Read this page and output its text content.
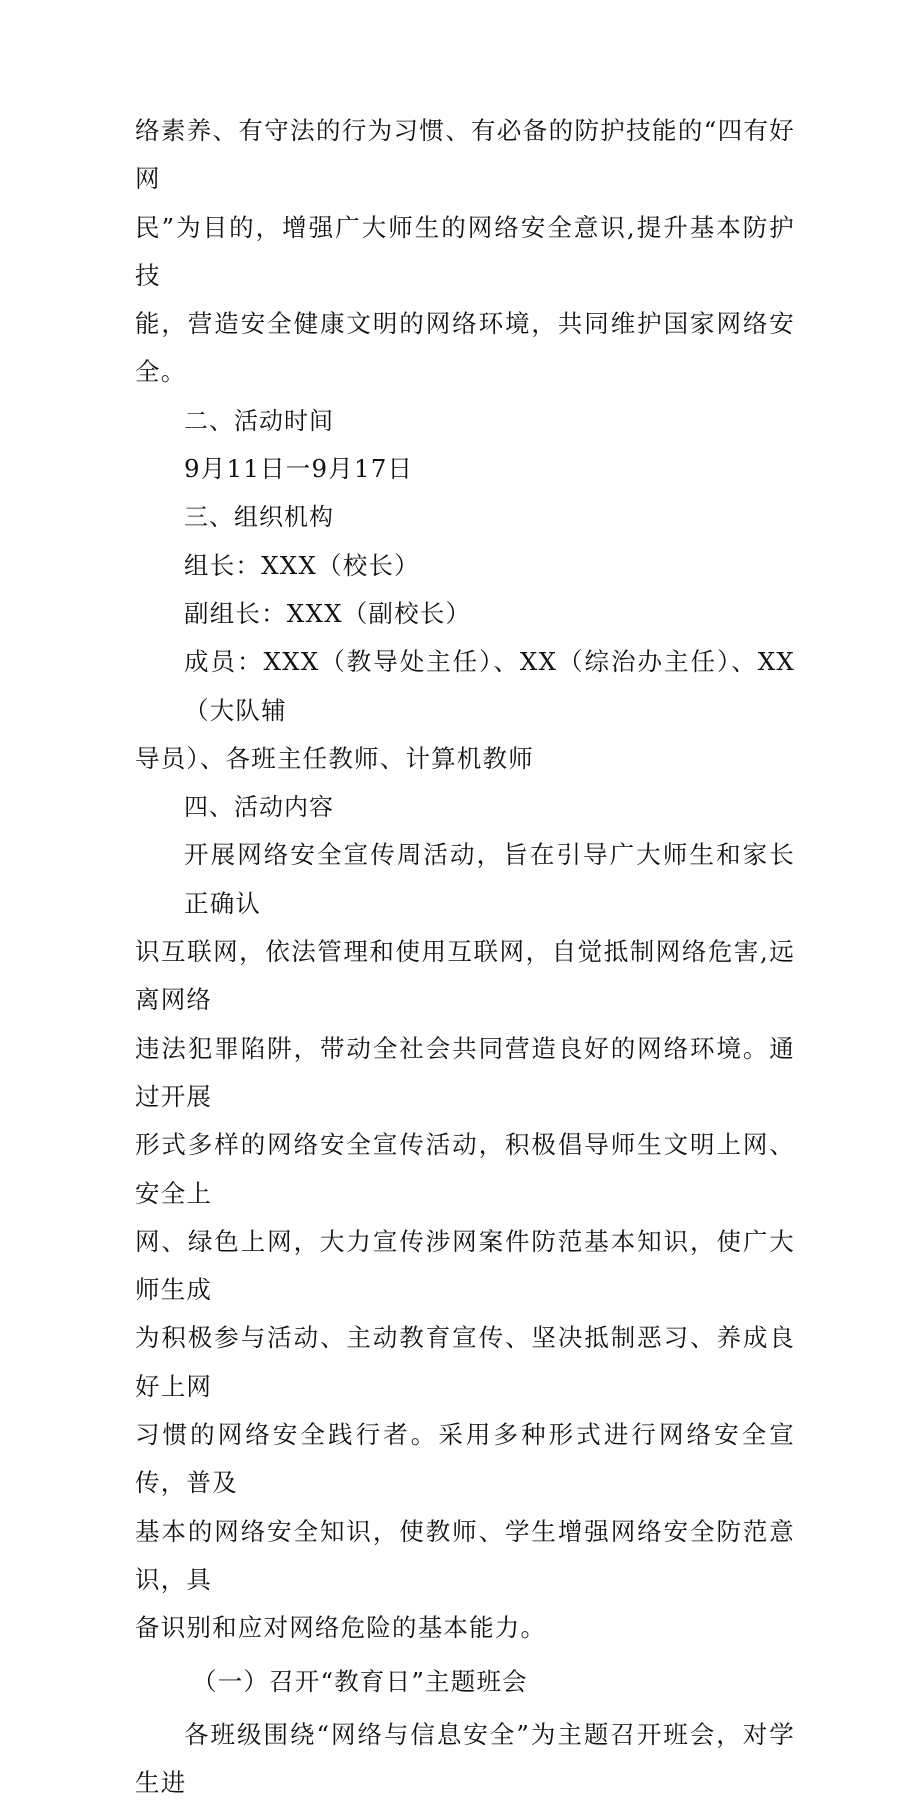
络素养、有守法的行为习惯、有必备的防护技能的“四有好网
民”为目的，增强广大师生的网络安全意识,提升基本防护技
能，营造安全健康文明的网络环境，共同维护国家网络安全。

二、活动时间

9月11日一9月17日

三、组织机构

组长：XXX（校长）

副组长：XXX（副校长）

成员：XXX（教导处主任）、XX（综治办主任）、XX（大队辅
导员）、各班主任教师、计算机教师

四、活动内容

开展网络安全宣传周活动，旨在引导广大师生和家长正确认
识互联网，依法管理和使用互联网，自觉抵制网络危害,远离网络
违法犯罪陷阱，带动全社会共同营造良好的网络环境。通过开展
形式多样的网络安全宣传活动，积极倡导师生文明上网、安全上
网、绿色上网，大力宣传涉网案件防范基本知识，使广大师生成
为积极参与活动、主动教育宣传、坚决抵制恶习、养成良好上网
习惯的网络安全践行者。采用多种形式进行网络安全宣传，普及
基本的网络安全知识，使教师、学生增强网络安全防范意识，具
备识别和应对网络危险的基本能力。

（一）召开“教育日”主题班会

各班级围绕“网络与信息安全”为主题召开班会，对学生进
